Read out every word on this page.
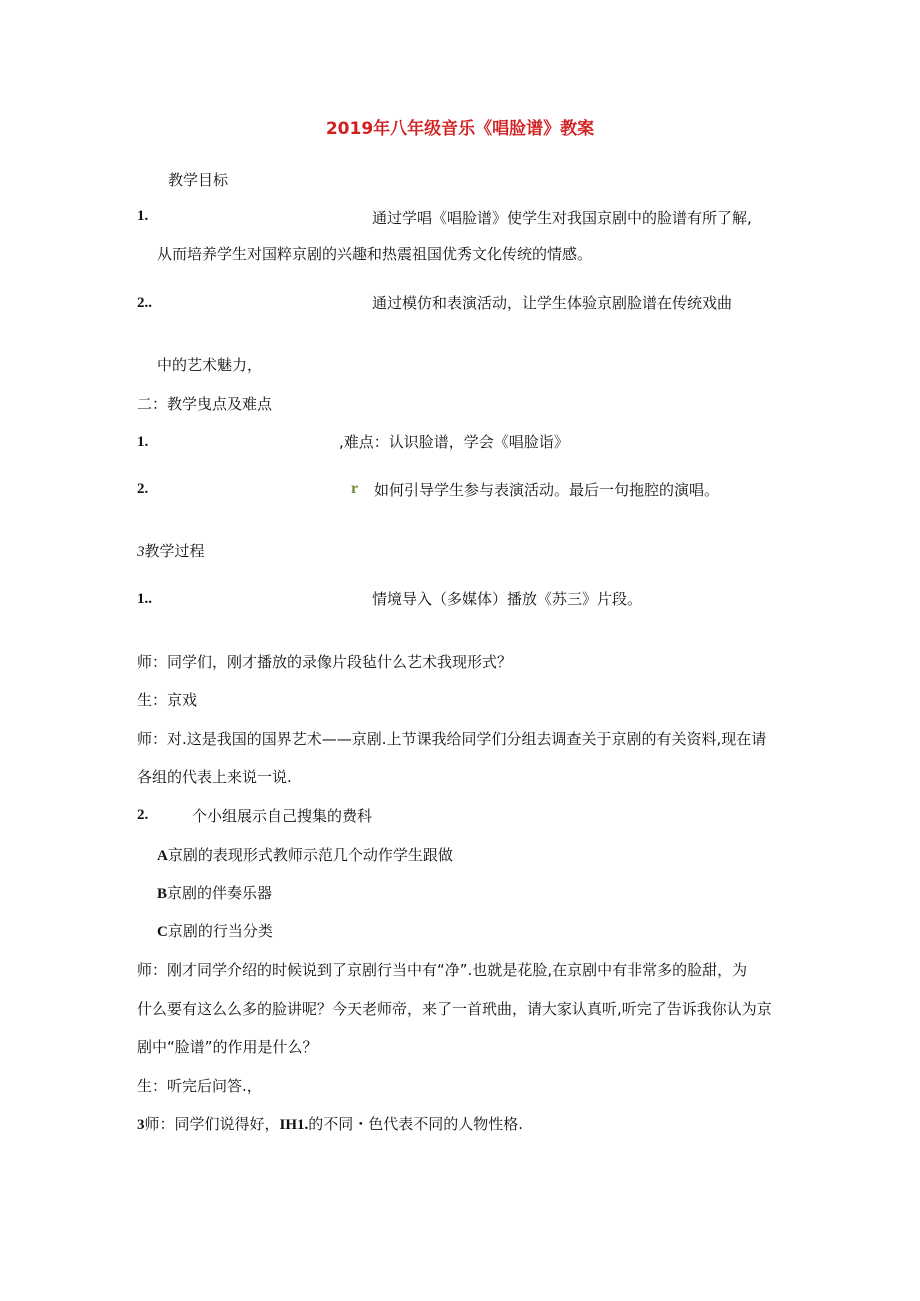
2019年八年级音乐《唱脸谱》教案
教学目标
1.	通过学唱《唱脸谱》使学生对我国京剧中的脸谱有所了解,
从而培养学生对国粹京剧的兴趣和热震祖国优秀文化传统的情感。
2..	通过模仿和表演活动，让学生体验京剧脸谱在传统戏曲
中的艺术魅力，
二：教学曳点及难点
1.	,难点：认识脸谱，学会《唱脸诣》
2.	r 如何引导学生参与表演活动。最后一句拖腔的演唱。
3教学过程
1..	情境导入（多媒体）播放《苏三》片段。
师：同学们，刚才播放的录像片段毡什么艺术我现形式？
生：京戏
师：对.这是我国的国界艺术——京剧.上节课我给同学们分组去调查关于京剧的有关资料,现在请
各组的代表上来说一说.
2.	个小组展示自己搜集的费科
A京剧的表现形式教师示范几个动作学生跟做
B京剧的伴奏乐器
C京剧的行当分类
师：刚才同学介绍的时候说到了京剧行当中有“净”.也就是花脸,在京剧中有非常多的脸甜，为
什么要有这么么多的脸讲呢？今天老师帝，来了一首玳曲，请大家认真听,听完了告诉我你认为京
剧中“脸谱”的作用是什么？
生：听完后问答.，
3师：同学们说得好，IH1.的不同・色代表不同的人物性格.
